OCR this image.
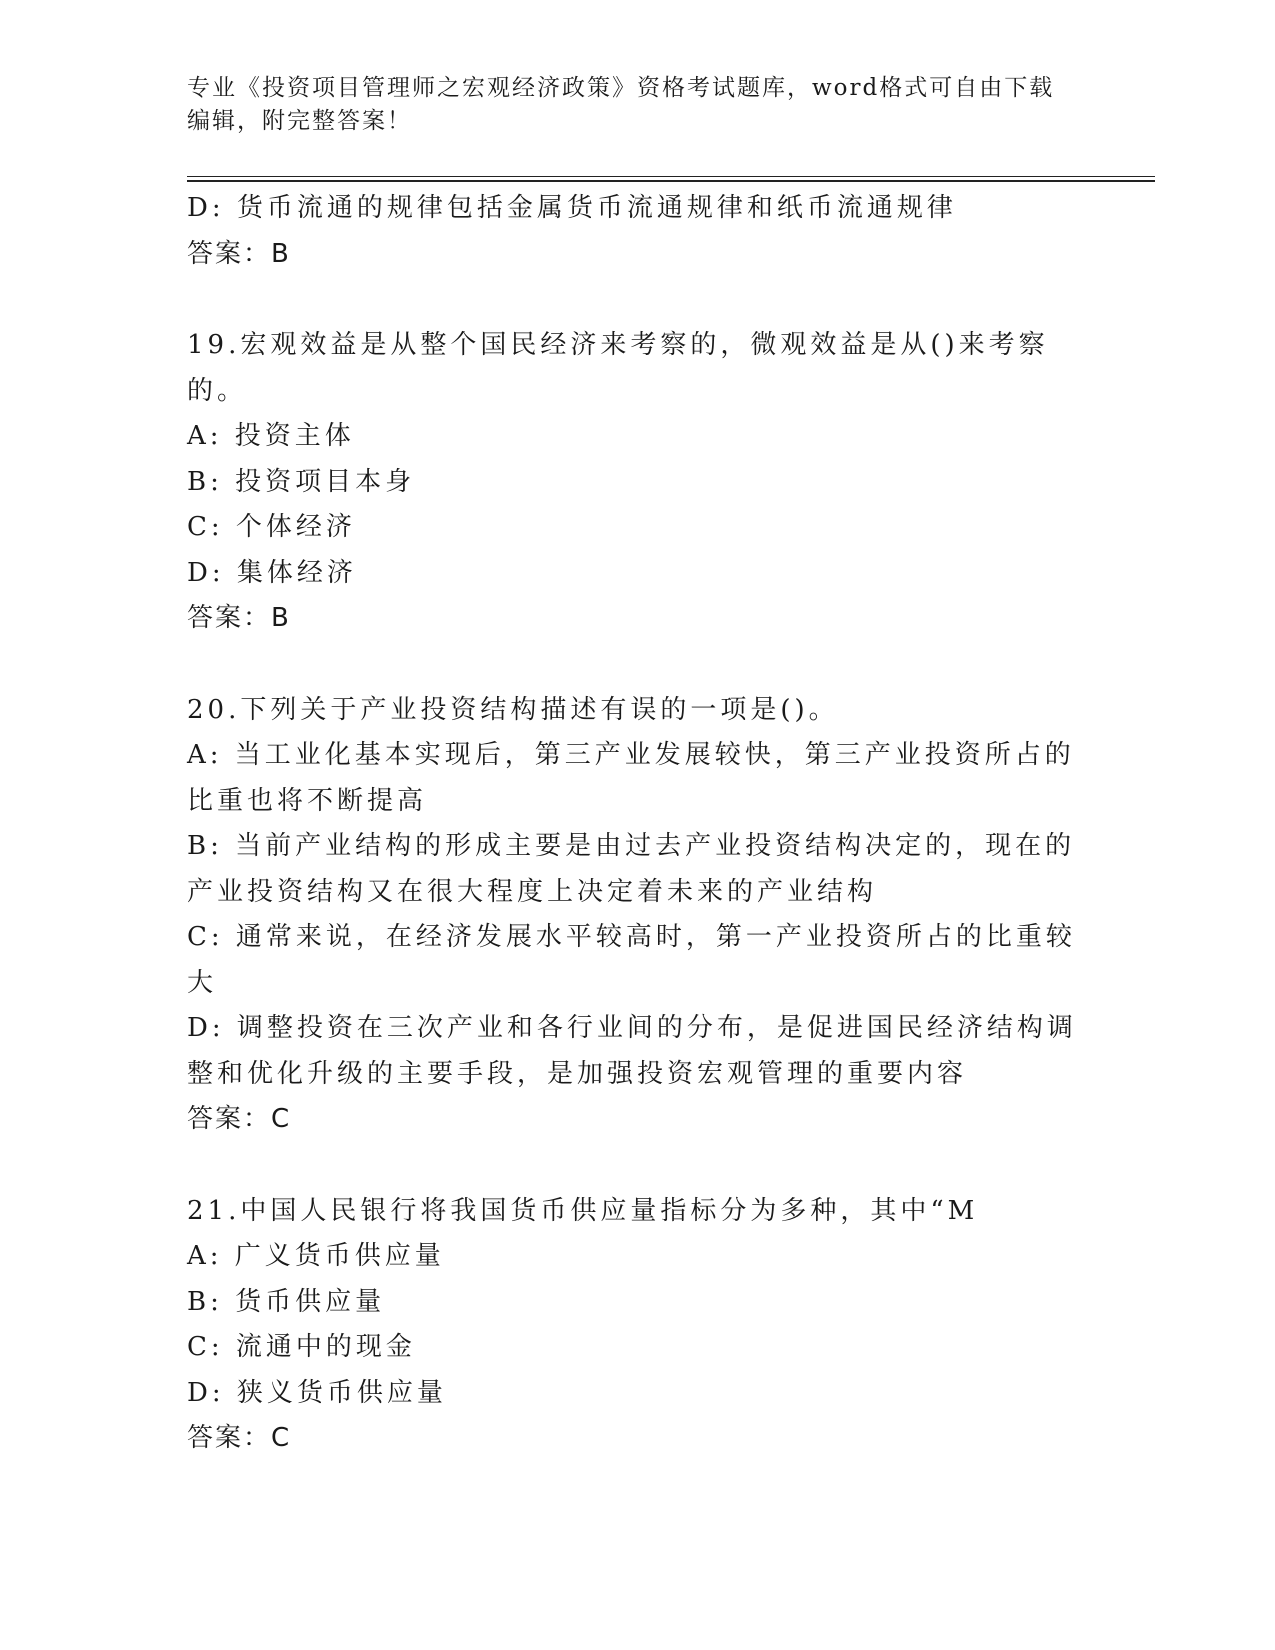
专业《投资项目管理师之宏观经济政策》资格考试题库，word格式可自由下载编辑，附完整答案！
D: 货币流通的规律包括金属货币流通规律和纸币流通规律
答案：B
19.宏观效益是从整个国民经济来考察的，微观效益是从()来考察的。
A: 投资主体
B: 投资项目本身
C: 个体经济
D: 集体经济
答案：B
20.下列关于产业投资结构描述有误的一项是()。
A: 当工业化基本实现后，第三产业发展较快，第三产业投资所占的比重也将不断提高
B: 当前产业结构的形成主要是由过去产业投资结构决定的，现在的产业投资结构又在很大程度上决定着未来的产业结构
C: 通常来说，在经济发展水平较高时，第一产业投资所占的比重较大
D: 调整投资在三次产业和各行业间的分布，是促进国民经济结构调整和优化升级的主要手段，是加强投资宏观管理的重要内容
答案：C
21.中国人民银行将我国货币供应量指标分为多种，其中“M
A: 广义货币供应量
B: 货币供应量
C: 流通中的现金
D: 狭义货币供应量
答案：C
